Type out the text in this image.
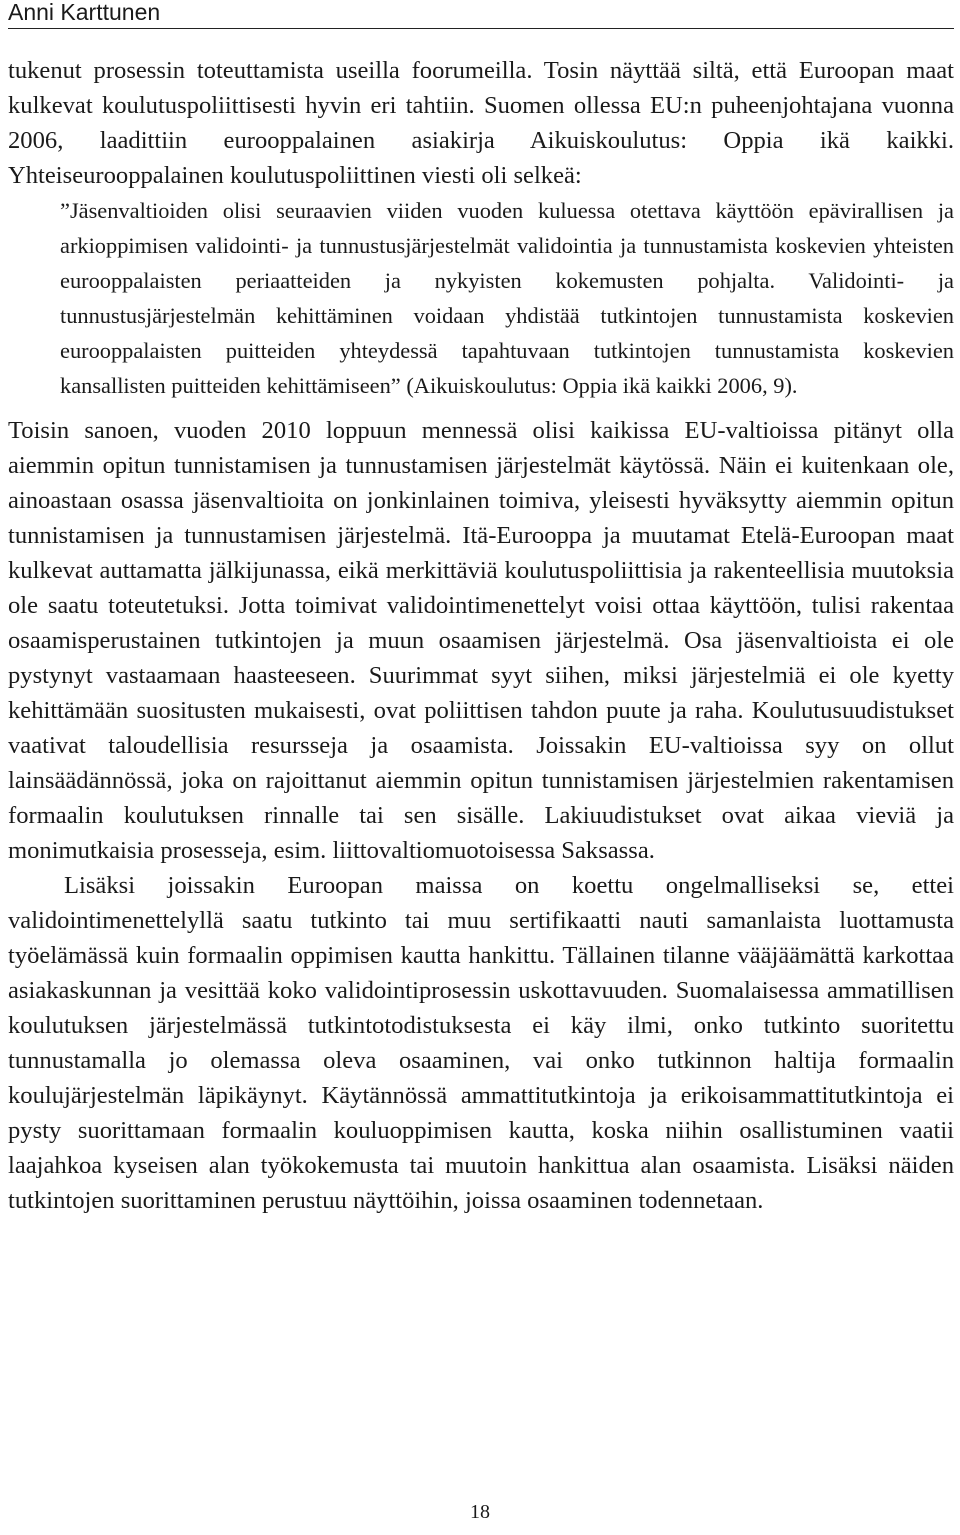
Anni Karttunen

tukenut prosessin toteuttamista useilla foorumeilla. Tosin näyttää siltä, että Euroopan maat kulkevat koulutuspoliittisesti hyvin eri tahtiin. Suomen ollessa EU:n puheenjohtajana vuonna 2006, laadittiin eurooppalainen asiakirja Aikuiskoulutus: Oppia ikä kaikki. Yhteiseurooppalainen koulutuspoliittinen viesti oli selkeä:

”Jäsenvaltioiden olisi seuraavien viiden vuoden kuluessa otettava käyttöön epävirallisen ja arkioppimisen validointi- ja tunnustusjärjestelmät validointia ja tunnustamista koskevien yhteisten eurooppalaisten periaatteiden ja nykyisten kokemusten pohjalta. Validointi- ja tunnustusjärjestelmän kehittäminen voidaan yhdistää tutkintojen tunnustamista koskevien eurooppalaisten puitteiden yhteydessä tapahtuvaan tutkintojen tunnustamista koskevien kansallisten puitteiden kehittämiseen” (Aikuiskoulutus: Oppia ikä kaikki 2006, 9).

Toisin sanoen, vuoden 2010 loppuun mennessä olisi kaikissa EU-valtioissa pitänyt olla aiemmin opitun tunnistamisen ja tunnustamisen järjestelmät käytössä. Näin ei kuitenkaan ole, ainoastaan osassa jäsenvaltioita on jonkinlainen toimiva, yleisesti hyväksytty aiemmin opitun tunnistamisen ja tunnustamisen järjestelmä. Itä-Eurooppa ja muutamat Etelä-Euroopan maat kulkevat auttamatta jälkijunassa, eikä merkittäviä koulutuspoliittisia ja rakenteellisia muutoksia ole saatu toteutetuksi. Jotta toimivat validointimenettelyt voisi ottaa käyttöön, tulisi rakentaa osaamisperustainen tutkintojen ja muun osaamisen järjestelmä. Osa jäsenvaltioista ei ole pystynyt vastaamaan haasteeseen. Suurimmat syyt siihen, miksi järjestelmiä ei ole kyetty kehittämään suositusten mukaisesti, ovat poliittisen tahdon puute ja raha. Koulutusuudistukset vaativat taloudellisia resursseja ja osaamista. Joissakin EU-valtioissa syy on ollut lainsäädännössä, joka on rajoittanut aiemmin opitun tunnistamisen järjestelmien rakentamisen formaalin koulutuksen rinnalle tai sen sisälle. Lakiuudistukset ovat aikaa vieviä ja monimutkaisia prosesseja, esim. liittovaltiomuotoisessa Saksassa.

Lisäksi joissakin Euroopan maissa on koettu ongelmalliseksi se, ettei validointimenettelyllä saatu tutkinto tai muu sertifikaatti nauti samanlaista luottamusta työelämässä kuin formaalin oppimisen kautta hankittu. Tällainen tilanne vääjäämättä karkottaa asiakaskunnan ja vesittää koko validointiprosessin uskottavuuden. Suomalaisessa ammatillisen koulutuksen järjestelmässä tutkintotodistuksesta ei käy ilmi, onko tutkinto suoritettu tunnustamalla jo olemassa oleva osaaminen, vai onko tutkinnon haltija formaalin koulujärjestelmän läpikäynyt. Käytännössä ammattitutkintoja ja erikoisammattitutkintoja ei pysty suorittamaan formaalin kouluoppimisen kautta, koska niihin osallistuminen vaatii laajahkoa kyseisen alan työkokemusta tai muutoin hankittua alan osaamista. Lisäksi näiden tutkintojen suorittaminen perustuu näyttöihin, joissa osaaminen todennetaan.

18
